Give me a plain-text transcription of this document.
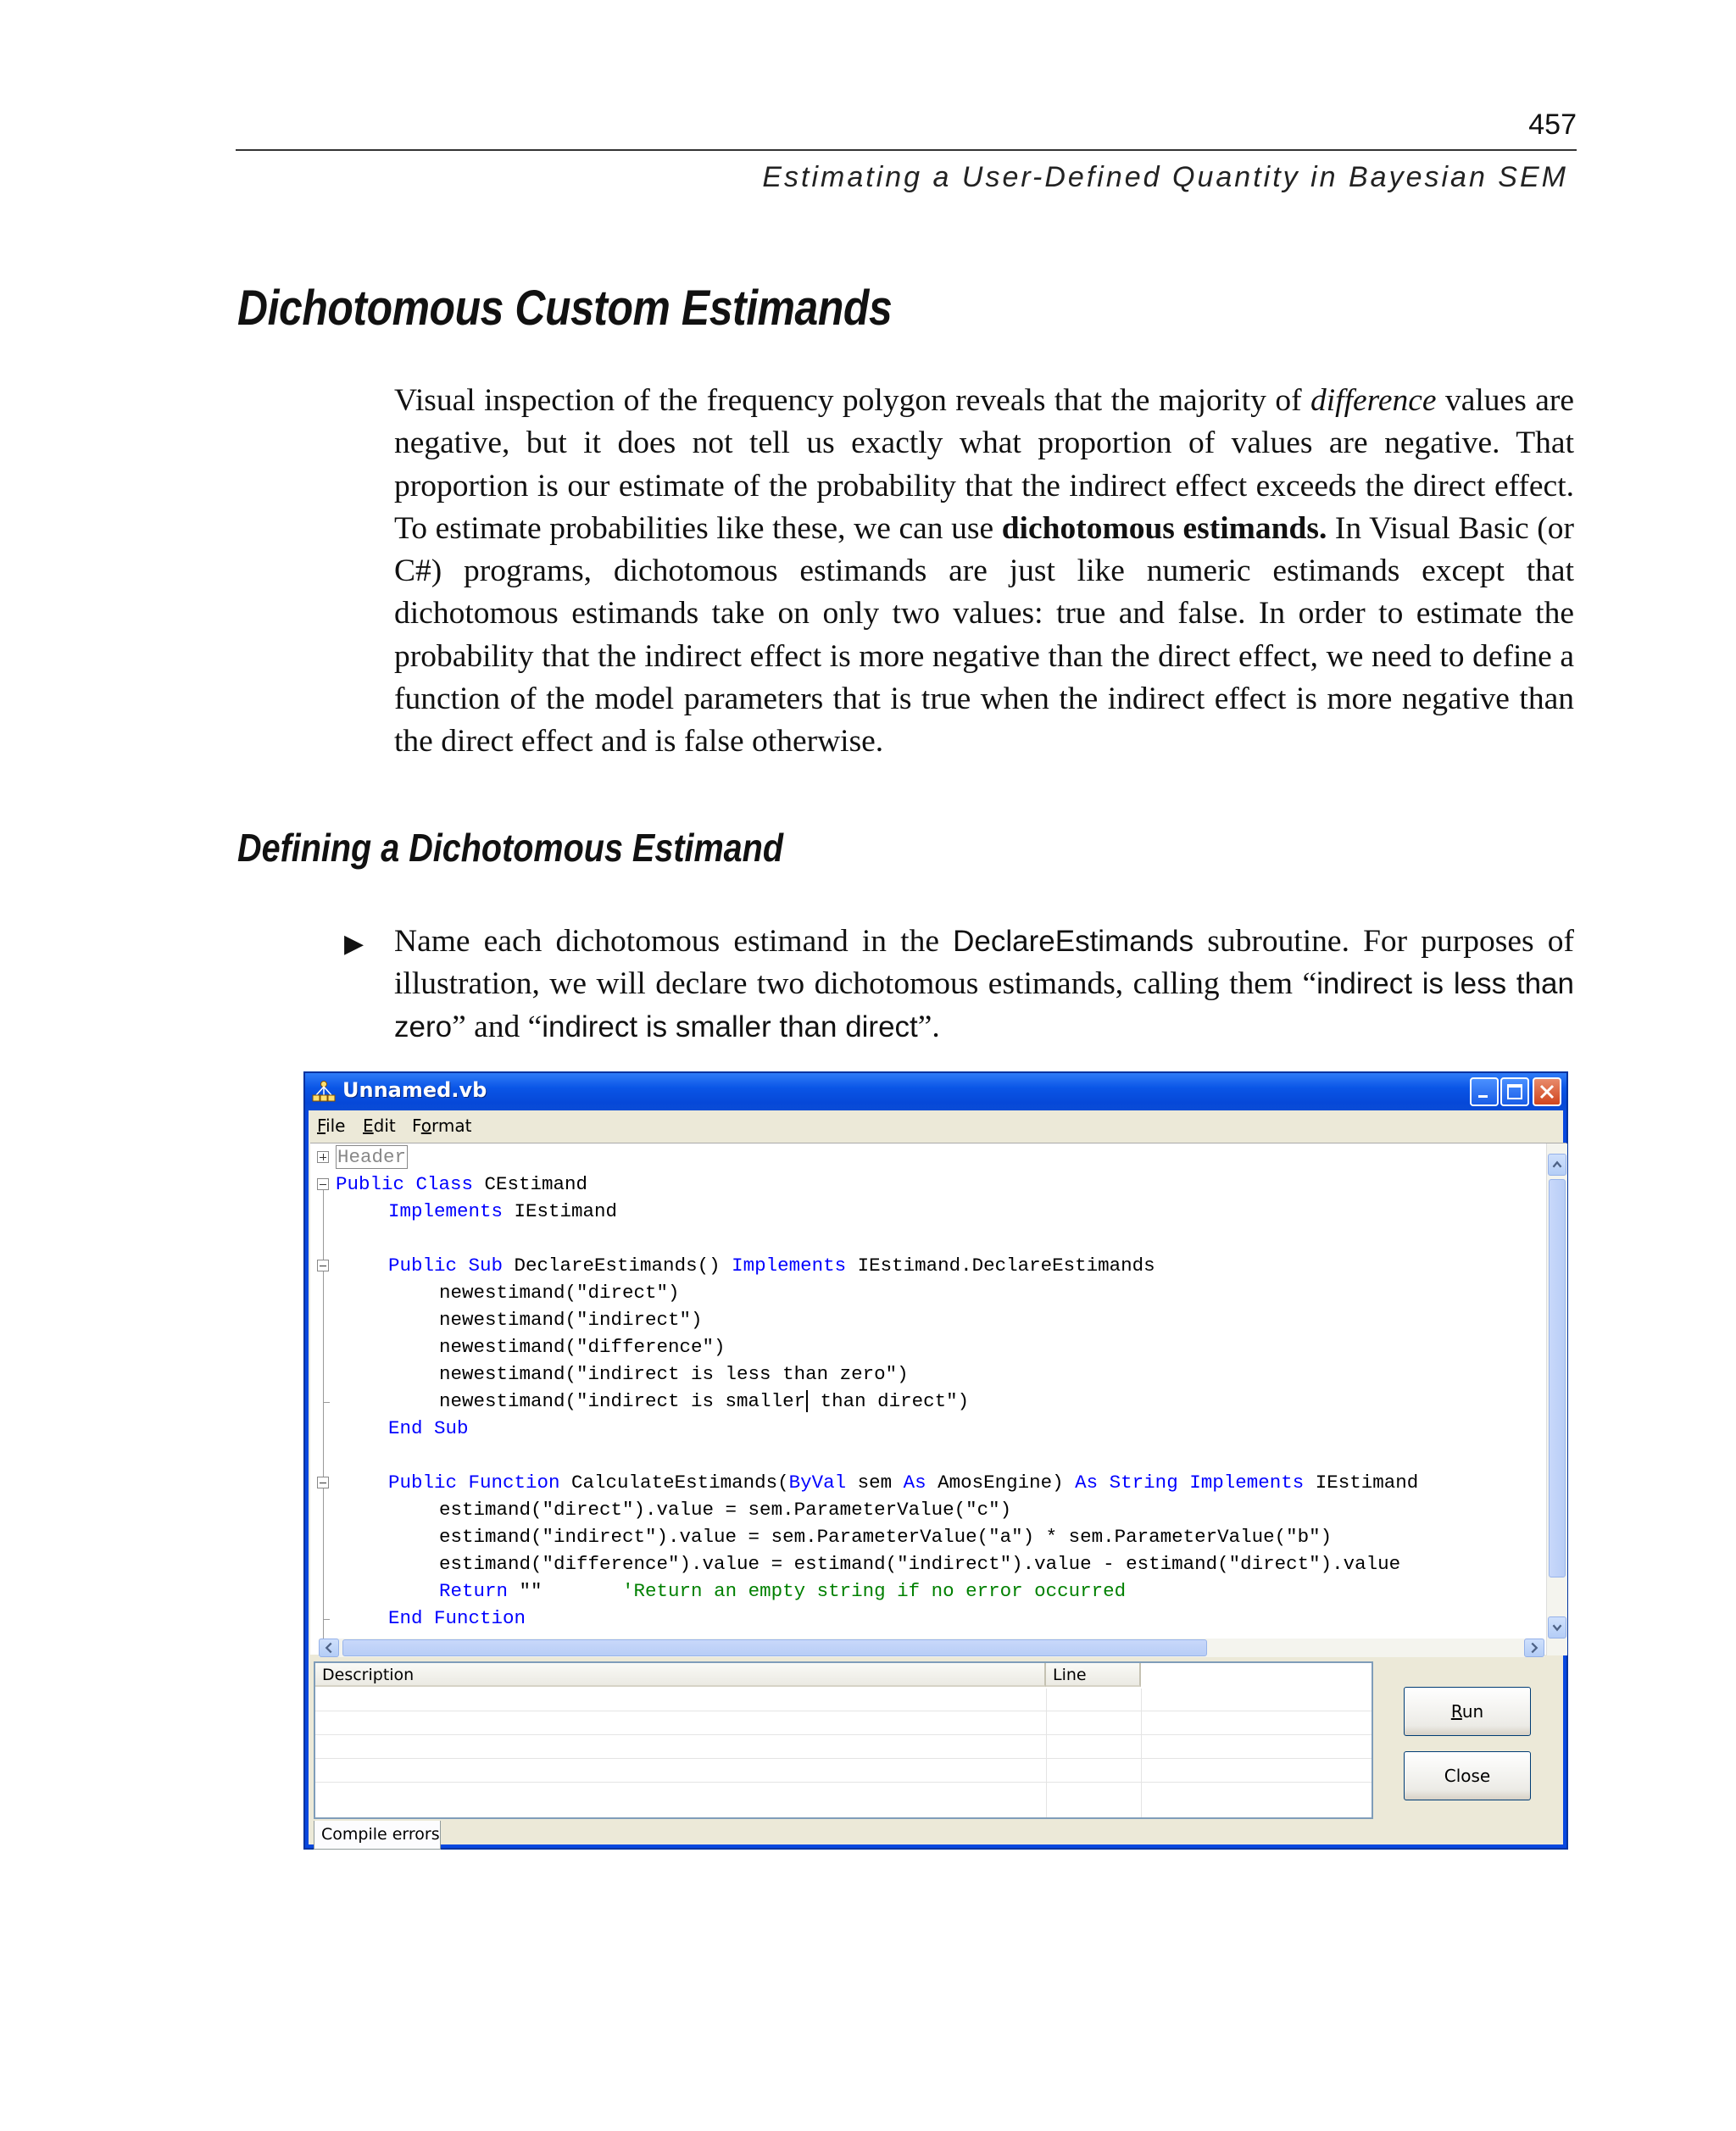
457
Estimating a User-Defined Quantity in Bayesian SEM
Dichotomous Custom Estimands

Visual inspection of the frequency polygon reveals that the majority of difference values are negative, but it does not tell us exactly what proportion of values are negative. That proportion is our estimate of the probability that the indirect effect exceeds the direct effect. To estimate probabilities like these, we can use dichotomous estimands. In Visual Basic (or C#) programs, dichotomous estimands are just like numeric estimands except that dichotomous estimands take on only two values: true and false. In order to estimate the probability that the indirect effect is more negative than the direct effect, we need to define a function of the model parameters that is true when the indirect effect is more negative than the direct effect and is false otherwise.

Defining a Dichotomous Estimand
▶ Name each dichotomous estimand in the DeclareEstimands subroutine. For purposes of illustration, we will declare two dichotomous estimands, calling them “indirect is less than zero” and “indirect is smaller than direct”.

Unnamed.vb
File Edit Format
Header
Public Class CEstimand
Implements IEstimand
Public Sub DeclareEstimands() Implements IEstimand.DeclareEstimands
newestimand("direct")
newestimand("indirect")
newestimand("difference")
newestimand("indirect is less than zero")
newestimand("indirect is smaller than direct")
End Sub
Public Function CalculateEstimands(ByVal sem As AmosEngine) As String Implements IEstimand
estimand("direct").value = sem.ParameterValue("c")
estimand("indirect").value = sem.ParameterValue("a") * sem.ParameterValue("b")
estimand("difference").value = estimand("indirect").value - estimand("direct").value
Return ""       'Return an empty string if no error occurred
End Function
Description	Line
Compile errors
Run
Close
